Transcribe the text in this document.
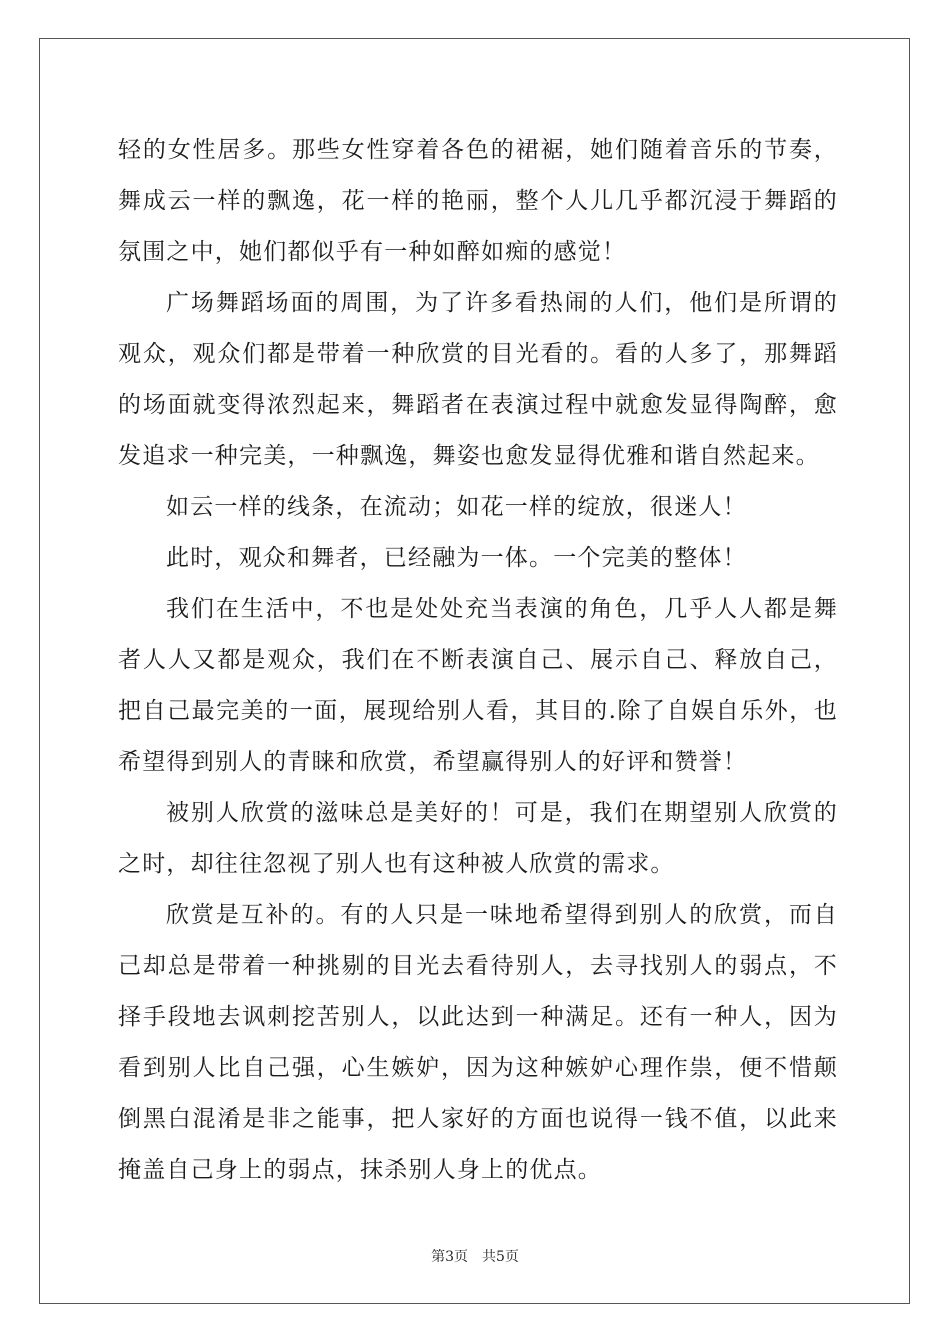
轻的女性居多。那些女性穿着各色的裙裾，她们随着音乐的节奏，舞成云一样的飘逸，花一样的艳丽，整个人儿几乎都沉浸于舞蹈的氛围之中，她们都似乎有一种如醉如痴的感觉！

广场舞蹈场面的周围，为了许多看热闹的人们，他们是所谓的观众，观众们都是带着一种欣赏的目光看的。看的人多了，那舞蹈的场面就变得浓烈起来，舞蹈者在表演过程中就愈发显得陶醉，愈发追求一种完美，一种飘逸，舞姿也愈发显得优雅和谐自然起来。

如云一样的线条，在流动；如花一样的绽放，很迷人！

此时，观众和舞者，已经融为一体。一个完美的整体！

我们在生活中，不也是处处充当表演的角色，几乎人人都是舞者人人又都是观众，我们在不断表演自己、展示自己、释放自己，把自己最完美的一面，展现给别人看，其目的.除了自娱自乐外，也希望得到别人的青睐和欣赏，希望赢得别人的好评和赞誉！

被别人欣赏的滋味总是美好的！可是，我们在期望别人欣赏的之时，却往往忽视了别人也有这种被人欣赏的需求。

欣赏是互补的。有的人只是一味地希望得到别人的欣赏，而自己却总是带着一种挑剔的目光去看待别人，去寻找别人的弱点，不择手段地去讽刺挖苦别人，以此达到一种满足。还有一种人，因为看到别人比自己强，心生嫉妒，因为这种嫉妒心理作祟，便不惜颠倒黑白混淆是非之能事，把人家好的方面也说得一钱不值，以此来掩盖自己身上的弱点，抹杀别人身上的优点。

第3页 共5页
